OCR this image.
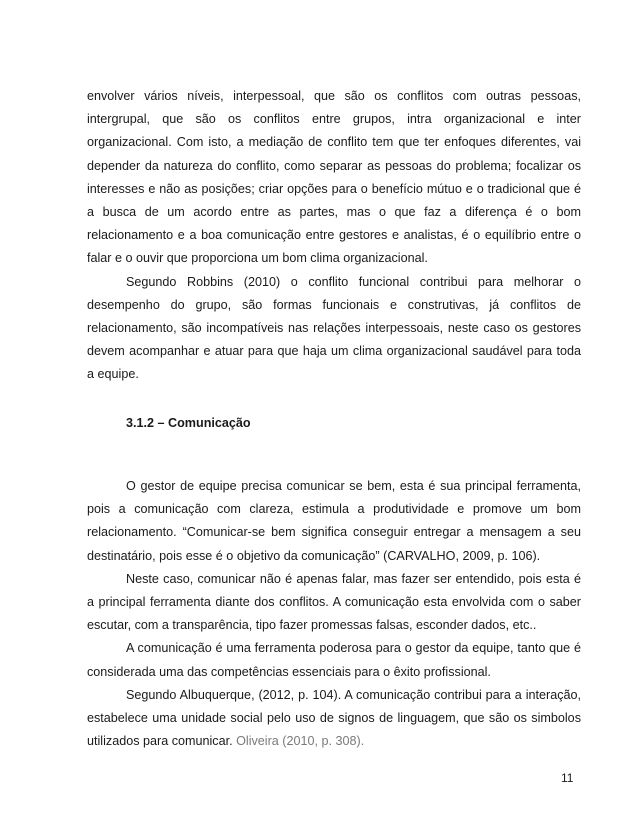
envolver vários níveis, interpessoal, que são os conflitos com outras pessoas, intergrupal, que são os conflitos entre grupos, intra organizacional e inter organizacional. Com isto, a mediação de conflito tem que ter enfoques diferentes, vai depender da natureza do conflito, como separar as pessoas do problema; focalizar os interesses e não as posições; criar opções para o benefício mútuo e o tradicional que é a busca de um acordo entre as partes, mas o que faz a diferença é o bom relacionamento e a boa comunicação entre gestores e analistas, é o equilíbrio entre o falar e o ouvir que proporciona um bom clima organizacional.

Segundo Robbins (2010) o conflito funcional contribui para melhorar o desempenho do grupo, são formas funcionais e construtivas, já conflitos de relacionamento, são incompatíveis nas relações interpessoais, neste caso os gestores devem acompanhar e atuar para que haja um clima organizacional saudável para toda a equipe.

3.1.2 – Comunicação

O gestor de equipe precisa comunicar se bem, esta é sua principal ferramenta, pois a comunicação com clareza, estimula a produtividade e promove um bom relacionamento. “Comunicar-se bem significa conseguir entregar a mensagem a seu destinatário, pois esse é o objetivo da comunicação” (CARVALHO, 2009, p. 106).

Neste caso, comunicar não é apenas falar, mas fazer ser entendido, pois esta é a principal ferramenta diante dos conflitos. A comunicação esta envolvida com o saber escutar, com a transparência, tipo fazer promessas falsas, esconder dados, etc..

A comunicação é uma ferramenta poderosa para o gestor da equipe, tanto que é considerada uma das competências essenciais para o êxito profissional.

Segundo Albuquerque, (2012, p. 104). A comunicação contribui para a interação, estabelece uma unidade social pelo uso de signos de linguagem, que são os simbolos utilizados para comunicar. Oliveira (2010, p. 308).

11
